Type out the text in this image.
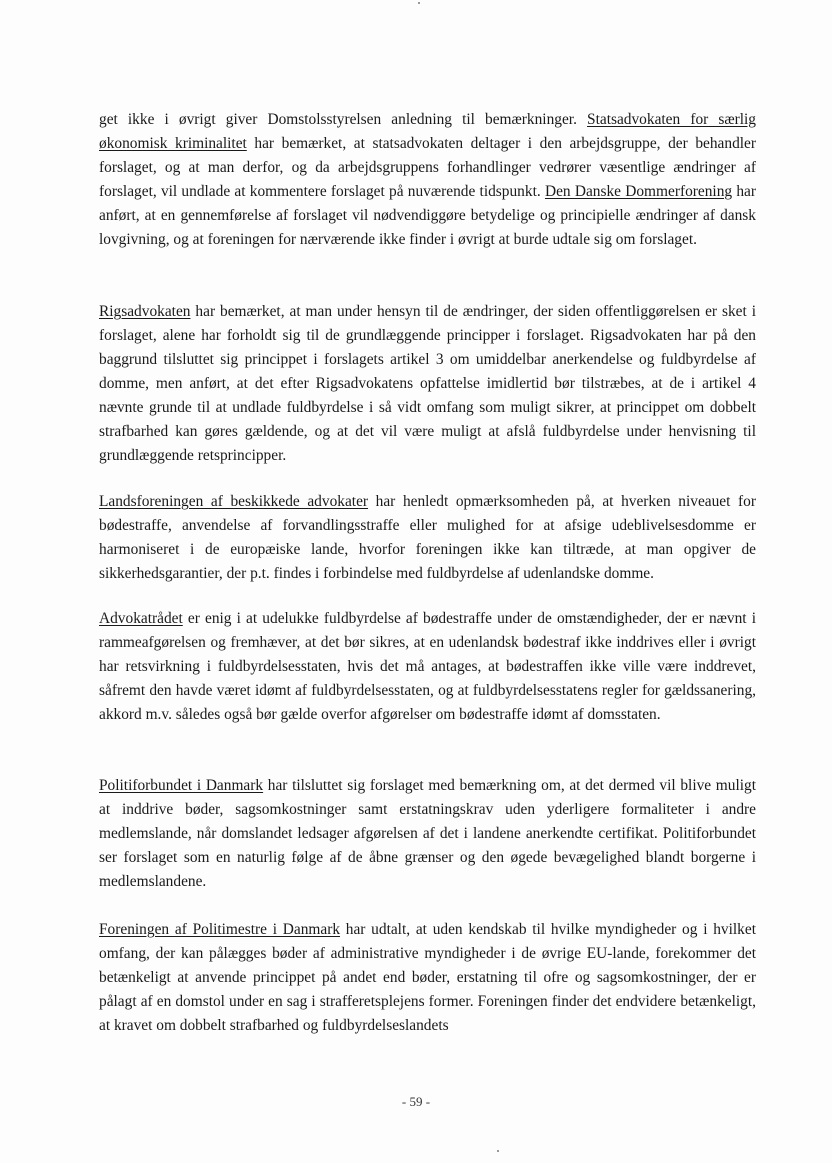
get ikke i øvrigt giver Domstolsstyrelsen anledning til bemærkninger. Statsadvokaten for særlig økonomisk kriminalitet har bemærket, at statsadvokaten deltager i den arbejdsgruppe, der behandler forslaget, og at man derfor, og da arbejdsgruppens forhandlinger vedrører væsentlige ændringer af forslaget, vil undlade at kommentere forslaget på nuværende tidspunkt. Den Danske Dommerforening har anført, at en gennemførelse af forslaget vil nødvendiggøre betydelige og principielle ændringer af dansk lovgivning, og at foreningen for nærværende ikke finder i øvrigt at burde udtale sig om forslaget.

Rigsadvokaten har bemærket, at man under hensyn til de ændringer, der siden offentliggørelsen er sket i forslaget, alene har forholdt sig til de grundlæggende principper i forslaget. Rigsadvokaten har på den baggrund tilsluttet sig princippet i forslagets artikel 3 om umiddelbar anerkendelse og fuldbyrdelse af domme, men anført, at det efter Rigsadvokatens opfattelse imidlertid bør tilstræbes, at de i artikel 4 nævnte grunde til at undlade fuldbyrdelse i så vidt omfang som muligt sikrer, at princippet om dobbelt strafbarhed kan gøres gældende, og at det vil være muligt at afslå fuldbyrdelse under henvisning til grundlæggende retsprincipper.

Landsforeningen af beskikkede advokater har henledt opmærksomheden på, at hverken niveauet for bødestraffe, anvendelse af forvandlingsstraffe eller mulighed for at afsige udeblivelsesdomme er harmoniseret i de europæiske lande, hvorfor foreningen ikke kan tiltræde, at man opgiver de sikkerhedsgarantier, der p.t. findes i forbindelse med fuldbyrdelse af udenlandske domme.

Advokatrådet er enig i at udelukke fuldbyrdelse af bødestraffe under de omstændigheder, der er nævnt i rammeafgørelsen og fremhæver, at det bør sikres, at en udenlandsk bødestraf ikke inddrives eller i øvrigt har retsvirkning i fuldbyrdelsesstaten, hvis det må antages, at bødestraffen ikke ville være inddrevet, såfremt den havde været idømt af fuldbyrdelsesstaten, og at fuldbyrdelsesstatens regler for gældssanering, akkord m.v. således også bør gælde overfor afgørelser om bødestraffe idømt af domsstaten.

Politiforbundet i Danmark har tilsluttet sig forslaget med bemærkning om, at det dermed vil blive muligt at inddrive bøder, sagsomkostninger samt erstatningskrav uden yderligere formaliteter i andre medlemslande, når domslandet ledsager afgørelsen af det i landene anerkendte certifikat. Politiforbundet ser forslaget som en naturlig følge af de åbne grænser og den øgede bevægelighed blandt borgerne i medlemslandene.

Foreningen af Politimestre i Danmark har udtalt, at uden kendskab til hvilke myndigheder og i hvilket omfang, der kan pålægges bøder af administrative myndigheder i de øvrige EU-lande, forekommer det betænkeligt at anvende princippet på andet end bøder, erstatning til ofre og sagsomkostninger, der er pålagt af en domstol under en sag i strafferetsplejens former. Foreningen finder det endvidere betænkeligt, at kravet om dobbelt strafbarhed og fuldbyrdelseslandets

- 59 -
